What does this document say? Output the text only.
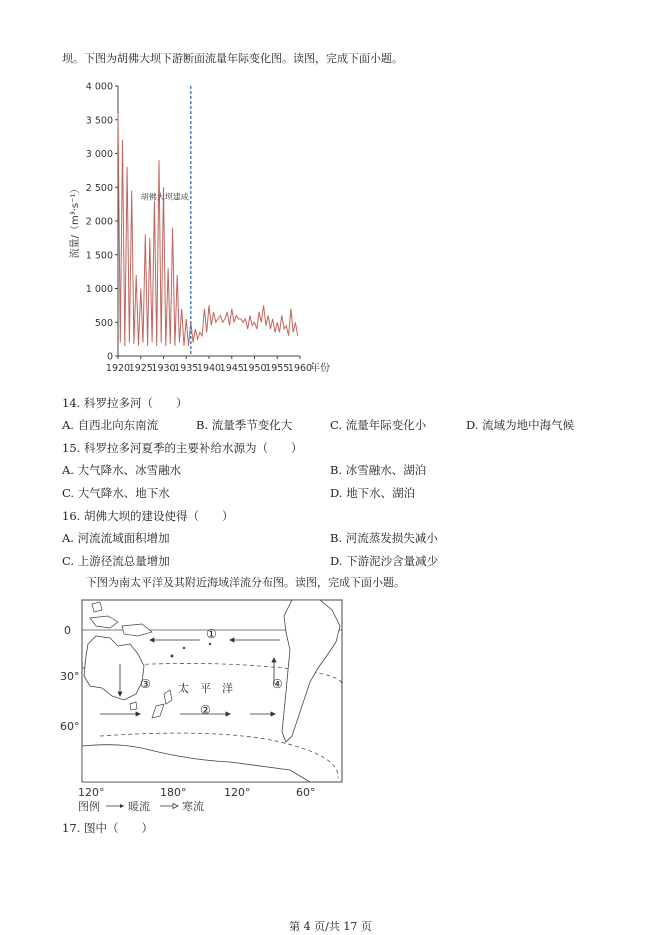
坝。下图为胡佛大坝下游断面流量年际变化图。读图，完成下面小题。
0
500
1 000
1 500
2 000
2 500
3 000
3 500
4 000
1920
1925
1930
1935
1940
1945
1950
1955
1960
年份
流量/（m³·s⁻¹）	胡佛大坝建成
14. 科罗拉多河（　　）
A. 自西北向东南流	B. 流量季节变化大	C. 流量年际变化小	D. 流域为地中海气候
15. 科罗拉多河夏季的主要补给水源为（　　）
A. 大气降水、冰雪融水	B. 冰雪融水、湖泊
C. 大气降水、地下水	D. 地下水、湖泊
16. 胡佛大坝的建设使得（　　）
A. 河流流域面积增加	B. 河流蒸发损失减小
C. 上游径流总量增加	D. 下游泥沙含量减少
下图为南太平洋及其附近海域洋流分布图。读图，完成下面小题。
0
30°
60°
120°	180°	120°	60°
太 平 洋
①
②
③	④
图例	暖流	寒流
17. 图中（　　）
第 4 页/共 17 页
